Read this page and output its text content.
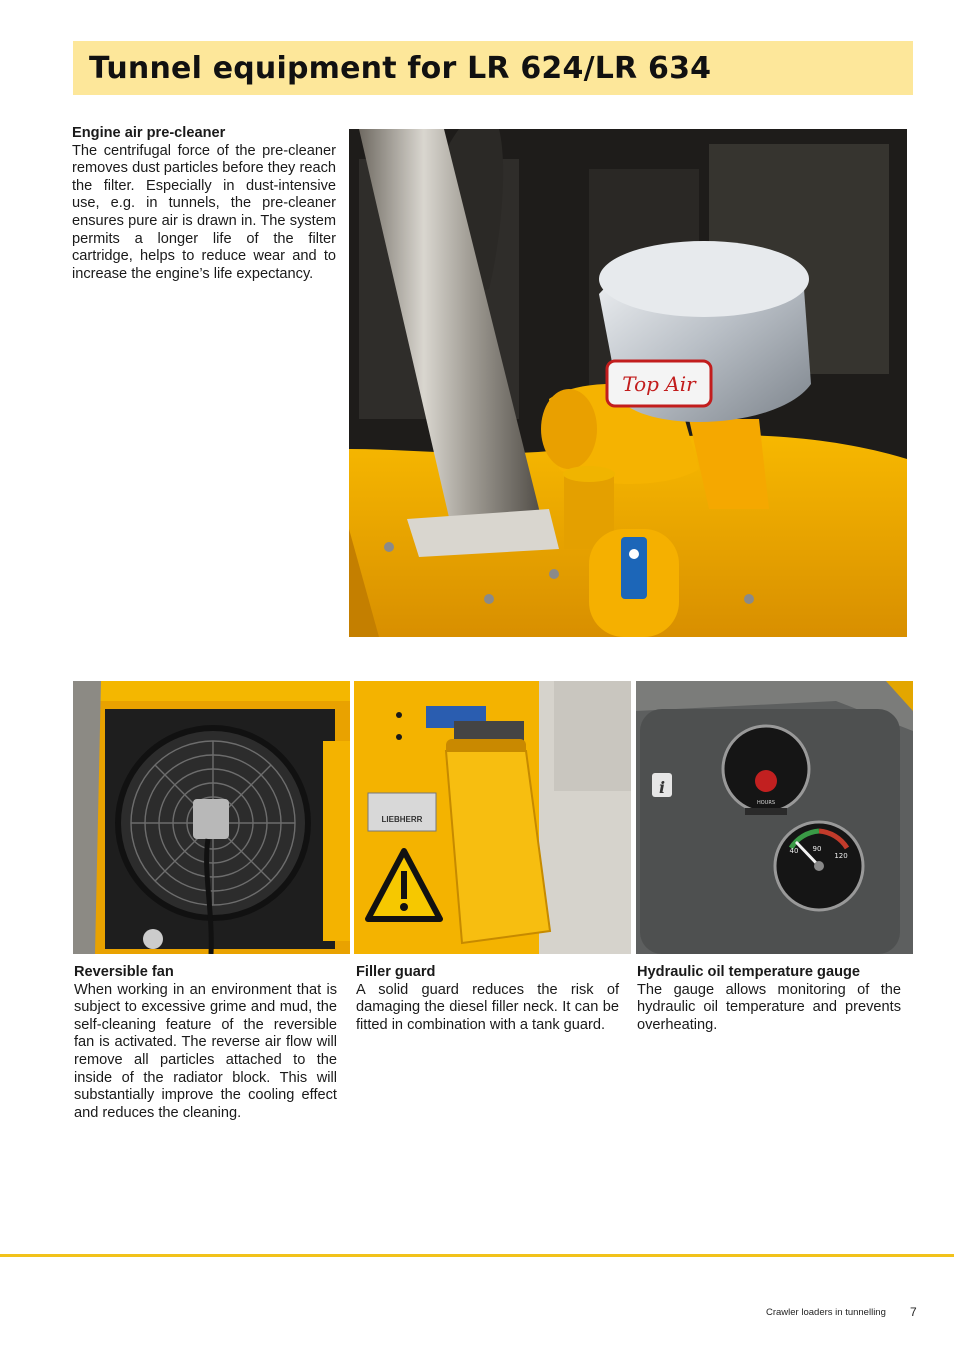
Tunnel equipment for LR 624/LR 634
Engine air pre-cleaner

The centrifugal force of the pre-cleaner removes dust particles before they reach the filter. Especially in dust-intensive use, e.g. in tunnels, the pre-cleaner ensures pure air is drawn in. The system permits a longer life of the filter cartridge, helps to reduce wear and to increase the engine’s life expectancy.

Top Air
LIEBHERR
i
HOURS
40 90
120
Reversible fan

When working in an environment that is subject to excessive grime and mud, the self-cleaning feature of the reversible fan is activated. The reverse air flow will remove all particles attached to the inside of the radiator block. This will substantially improve the cooling effect and reduces the cleaning.

Filler guard

A solid guard reduces the risk of damaging the diesel filler neck. It can be fitted in combination with a tank guard.

Hydraulic oil temperature gauge

The gauge allows monitoring of the hydraulic oil temperature and prevents overheating.

Crawler loaders in tunnelling 7
